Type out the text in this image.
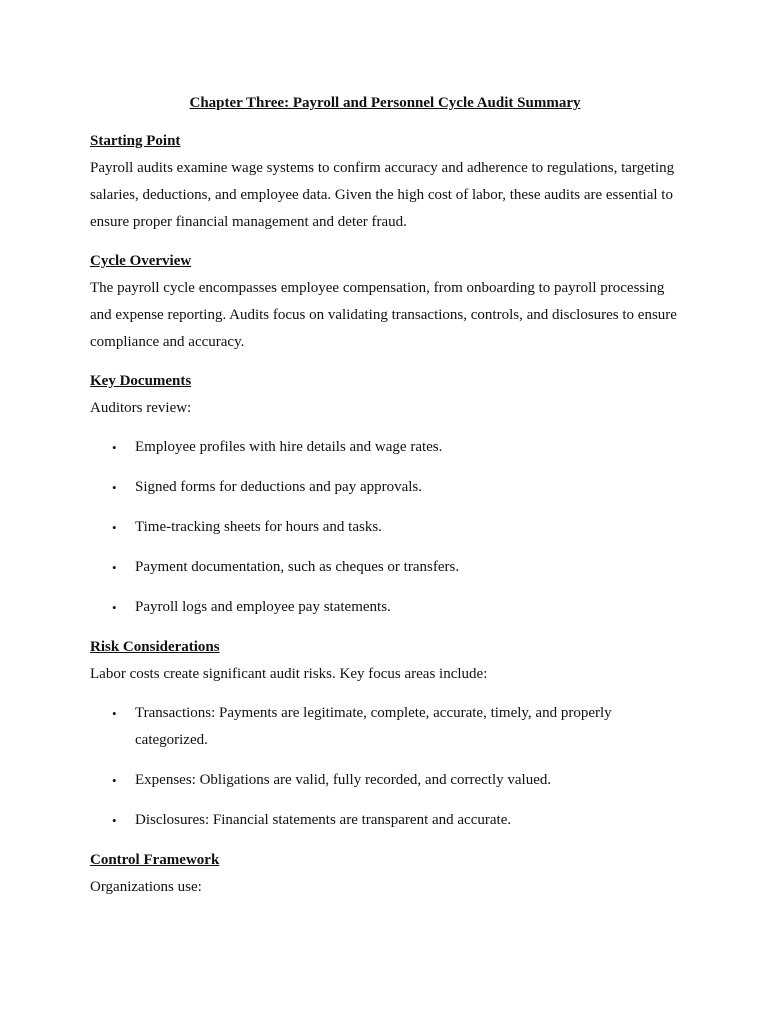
Chapter Three: Payroll and Personnel Cycle Audit Summary

Starting Point

Payroll audits examine wage systems to confirm accuracy and adherence to regulations, targeting salaries, deductions, and employee data. Given the high cost of labor, these audits are essential to ensure proper financial management and deter fraud.

Cycle Overview

The payroll cycle encompasses employee compensation, from onboarding to payroll processing and expense reporting. Audits focus on validating transactions, controls, and disclosures to ensure compliance and accuracy.

Key Documents

Auditors review:

• Employee profiles with hire details and wage rates.
• Signed forms for deductions and pay approvals.
• Time-tracking sheets for hours and tasks.
• Payment documentation, such as cheques or transfers.
• Payroll logs and employee pay statements.

Risk Considerations

Labor costs create significant audit risks. Key focus areas include:

• Transactions: Payments are legitimate, complete, accurate, timely, and properly categorized.
• Expenses: Obligations are valid, fully recorded, and correctly valued.
• Disclosures: Financial statements are transparent and accurate.

Control Framework

Organizations use:
